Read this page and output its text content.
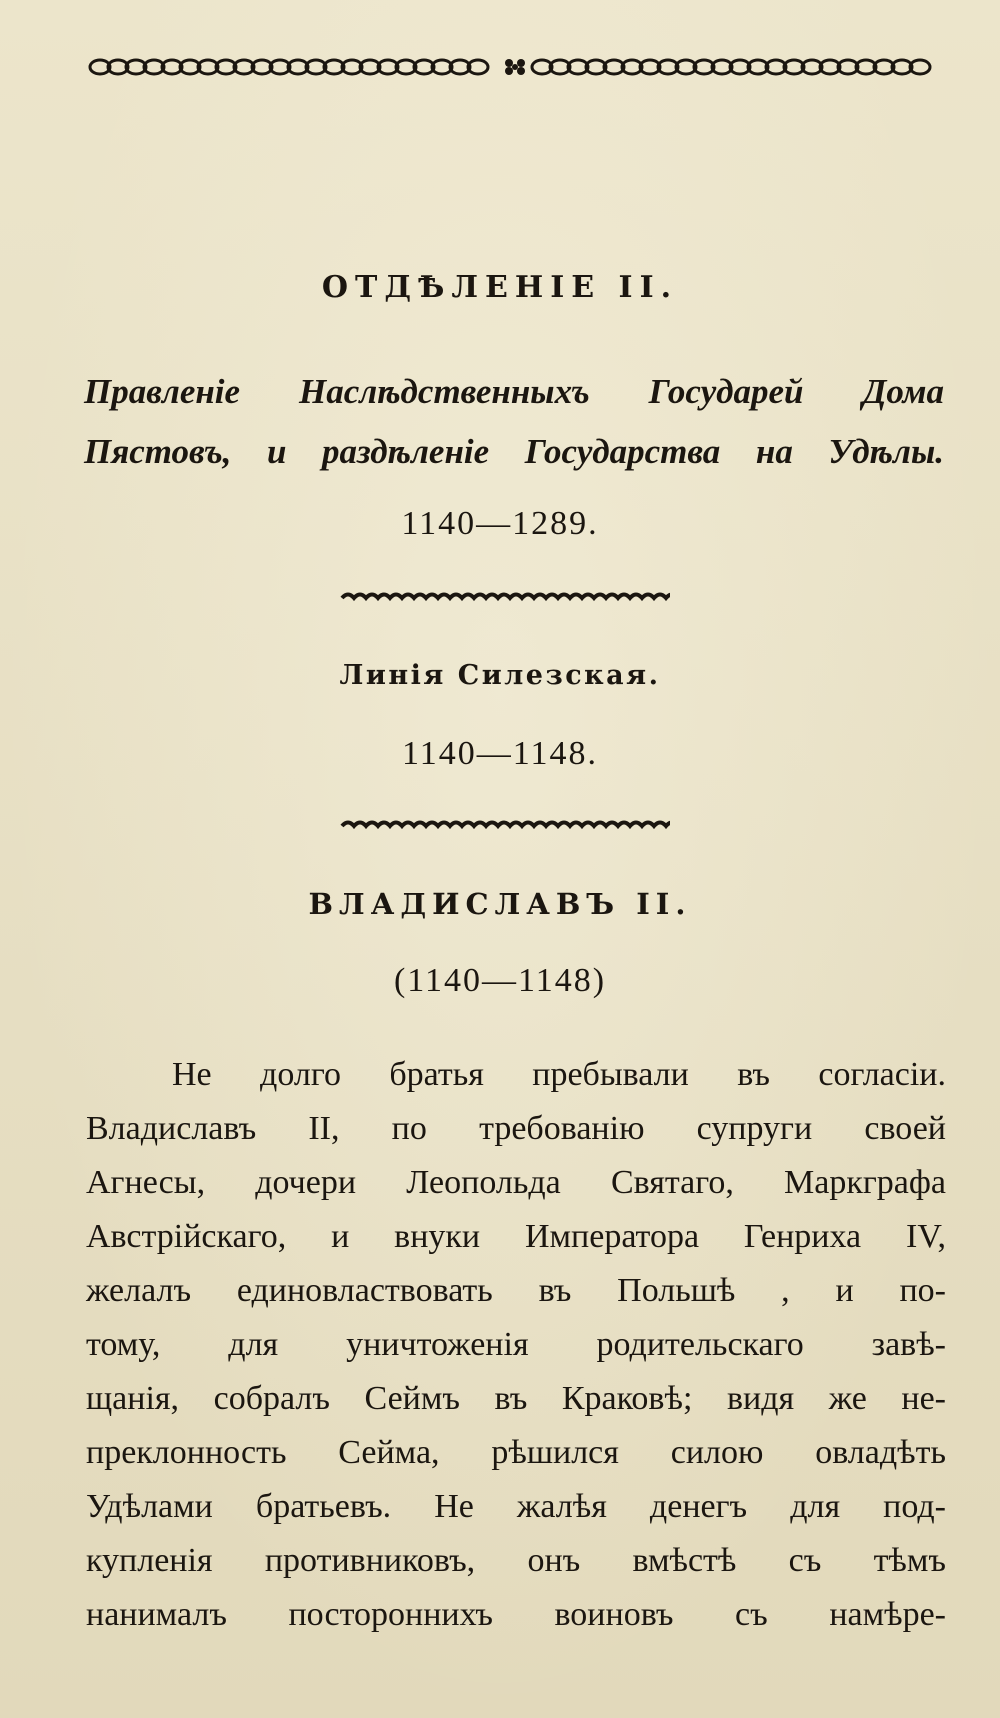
ОТДѢЛЕНІЕ II.
Правленіе Наслѣдственныхъ Государей Дома
Пястовъ, и раздѣленіе Государства на Удѣлы.
1140—1289.
Линія Силезская.
1140—1148.
ВЛАДИСЛАВЪ II.
(1140—1148)
Не долго братья пребывали въ согласіи.
Владиславъ II, по требованію супруги своей
Агнесы, дочери Леопольда Святаго, Маркграфа
Австрійскаго, и внуки Императора Генриха IV,
желалъ единовластвовать въ Польшѣ , и по-
тому, для уничтоженія родительскаго завѣ-
щанія, собралъ Сеймъ въ Краковѣ; видя же не-
преклонность Сейма, рѣшился силою овладѣть
Удѣлами братьевъ. Не жалѣя денегъ для под-
купленія противниковъ, онъ вмѣстѣ съ тѣмъ
нанималъ постороннихъ воиновъ съ намѣре-
